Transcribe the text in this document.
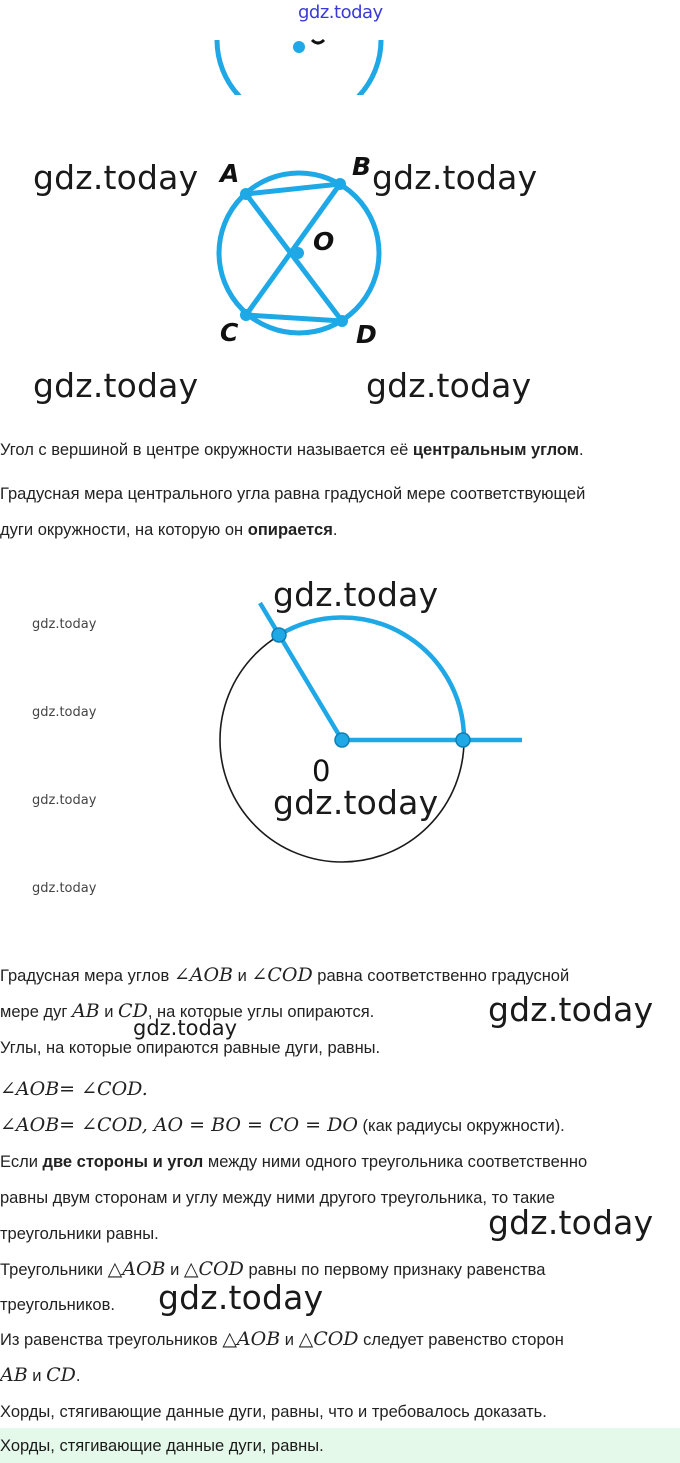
gdz.today
A	B
O
C	D
gdz.today	gdz.today
gdz.today	gdz.today
Угол с вершиной в центре окружности называется её центральным углом.
Градусная мера центрального угла равна градусной мере соответствующей
дуги окружности, на которую он опирается.
0
gdz.today
gdz.today
gdz.today
gdz.today
gdz.today
gdz.today
Градусная мера углов ∠AOB и ∠COD равна соответственно градусной
мере дуг AB и CD, на которые углы опираются.	gdz.today
gdz.today
Углы, на которые опираются равные дуги, равны.
∠AOB= ∠COD.
∠AOB= ∠COD, AO = BO = CO = DO (как радиусы окружности).
Если две стороны и угол между ними одного треугольника соответственно
равны двум сторонам и углу между ними другого треугольника, то такие
треугольники равны.	gdz.today
Треугольники △AOB и △COD равны по первому признаку равенства
треугольников. gdz.today
Из равенства треугольников △AOB и △COD следует равенство сторон
AB и CD.
Хорды, стягивающие данные дуги, равны, что и требовалось доказать.
Хорды, стягивающие данные дуги, равны.
